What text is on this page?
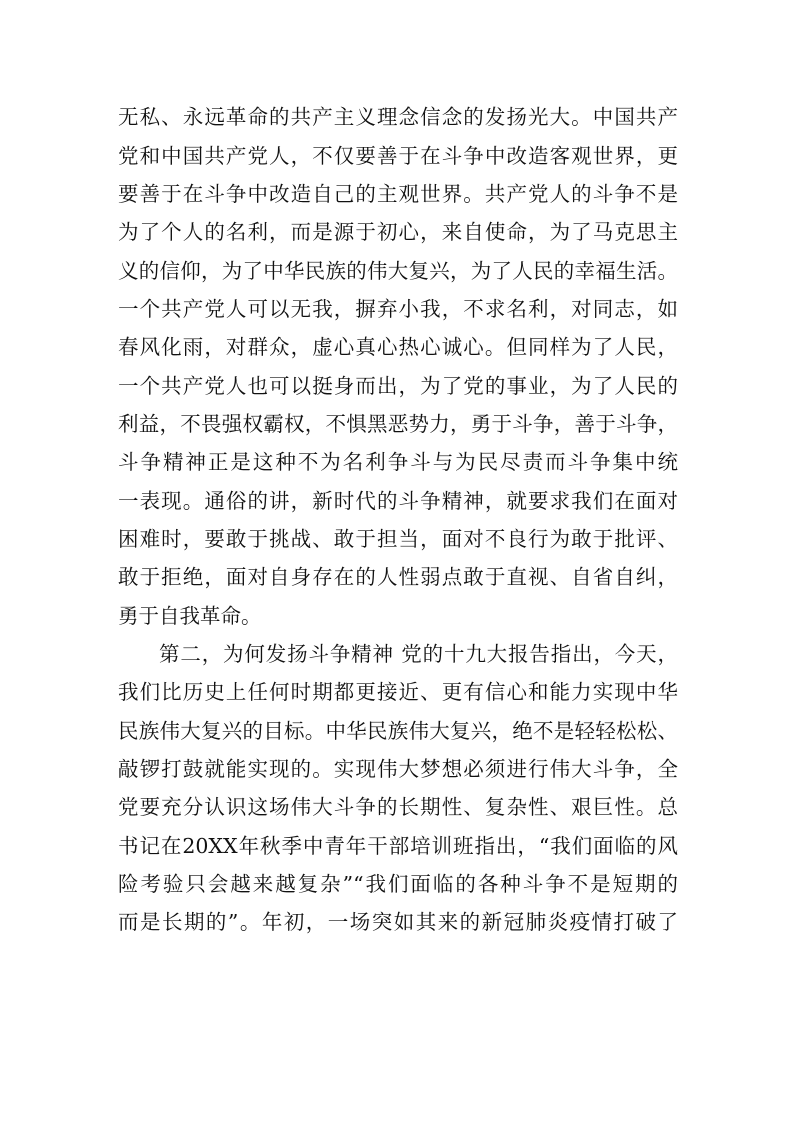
无私、永远革命的共产主义理念信念的发扬光大。中国共产
党和中国共产党人，不仅要善于在斗争中改造客观世界，更
要善于在斗争中改造自己的主观世界。共产党人的斗争不是
为了个人的名利，而是源于初心，来自使命，为了马克思主
义的信仰，为了中华民族的伟大复兴，为了人民的幸福生活。
一个共产党人可以无我，摒弃小我，不求名利，对同志，如
春风化雨，对群众，虚心真心热心诚心。但同样为了人民，
一个共产党人也可以挺身而出，为了党的事业，为了人民的
利益，不畏强权霸权，不惧黑恶势力，勇于斗争，善于斗争，
斗争精神正是这种不为名利争斗与为民尽责而斗争集中统
一表现。通俗的讲，新时代的斗争精神，就要求我们在面对
困难时，要敢于挑战、敢于担当，面对不良行为敢于批评、
敢于拒绝，面对自身存在的人性弱点敢于直视、自省自纠，
勇于自我革命。
第二，为何发扬斗争精神 党的十九大报告指出，今天，
我们比历史上任何时期都更接近、更有信心和能力实现中华
民族伟大复兴的目标。中华民族伟大复兴，绝不是轻轻松松、
敲锣打鼓就能实现的。实现伟大梦想必须进行伟大斗争，全
党要充分认识这场伟大斗争的长期性、复杂性、艰巨性。总
书记在20XX年秋季中青年干部培训班指出，“我们面临的风
险考验只会越来越复杂”“我们面临的各种斗争不是短期的
而是长期的”。年初，一场突如其来的新冠肺炎疫情打破了
